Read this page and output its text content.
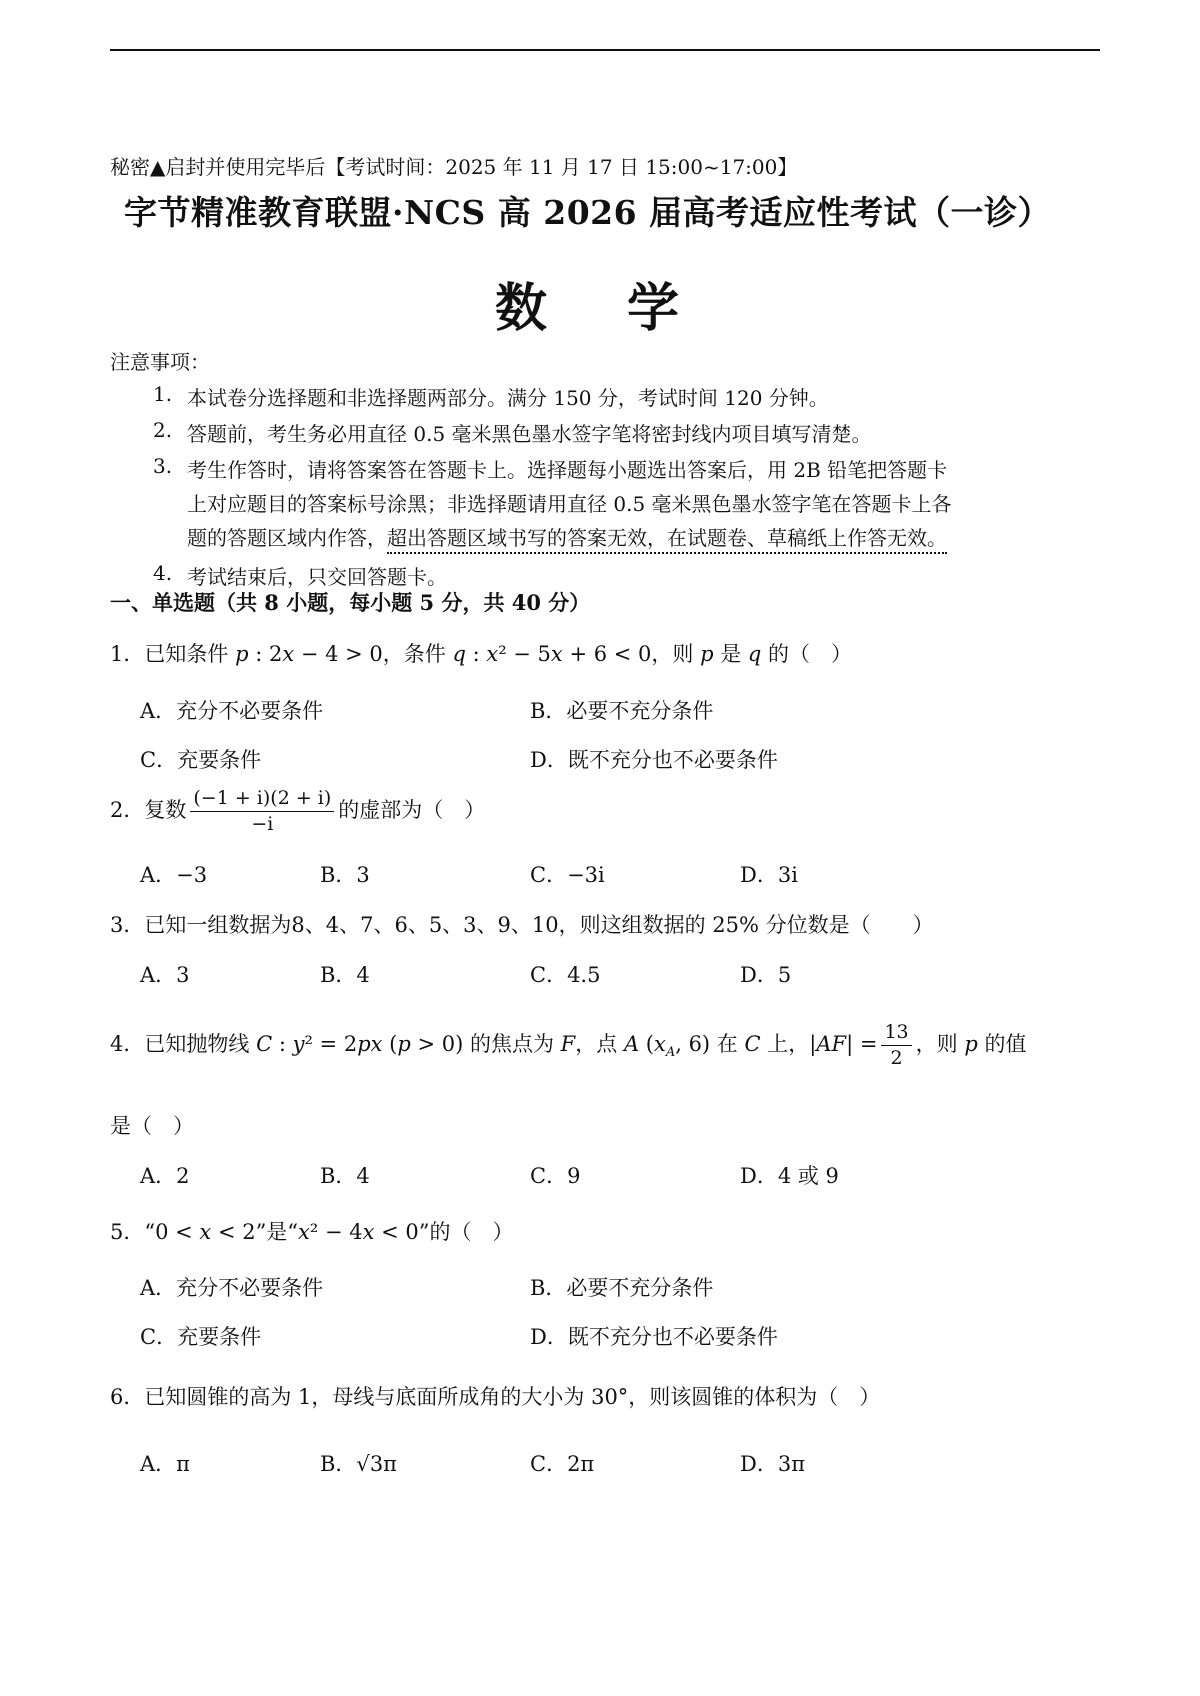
秘密▲启封并使用完毕后【考试时间：2025 年 11 月 17 日 15:00~17:00】
字节精准教育联盟·NCS 高 2026 届高考适应性考试（一诊）
数学
注意事项：
1. 本试卷分选择题和非选择题两部分。满分 150 分，考试时间 120 分钟。
2. 答题前，考生务必用直径 0.5 毫米黑色墨水签字笔将密封线内项目填写清楚。
3. 考生作答时，请将答案答在答题卡上。选择题每小题选出答案后，用 2B 铅笔把答题卡
上对应题目的答案标号涂黑；非选择题请用直径 0.5 毫米黑色墨水签字笔在答题卡上各
题的答题区域内作答，超出答题区域书写的答案无效，在试题卷、草稿纸上作答无效。
4. 考试结束后，只交回答题卡。
一、单选题（共 8 小题，每小题 5 分，共 40 分）
1．已知条件 p : 2x − 4 > 0，条件 q : x² − 5x + 6 < 0，则 p 是 q 的（　）
A．充分不必要条件	B．必要不充分条件
C．充要条件	D．既不充分也不必要条件
2．复数 $\frac{(-1 + i)(2 + i)}{-i}$ 的虚部为（　）
A．−3	B．3	C．−3i	D．3i
3．已知一组数据为8、4、7、6、5、3、9、10，则这组数据的 25% 分位数是（　　）
A．3	B．4	C．4.5	D．5
4．已知抛物线 C : y² = 2px (p > 0) 的焦点为 F，点 A ($x_A$, 6) 在 C 上，$|AF| = \frac{13}{2}$ ，则 p 的值
是（　）
A．2	B．4	C．9	D．4 或 9
5．“0 < x < 2”是“x² − 4x < 0”的（　）
A．充分不必要条件	B．必要不充分条件
C．充要条件	D．既不充分也不必要条件
6．已知圆锥的高为 1，母线与底面所成角的大小为 30°，则该圆锥的体积为（　）
A．π	B．√3π	C．2π	D．3π
